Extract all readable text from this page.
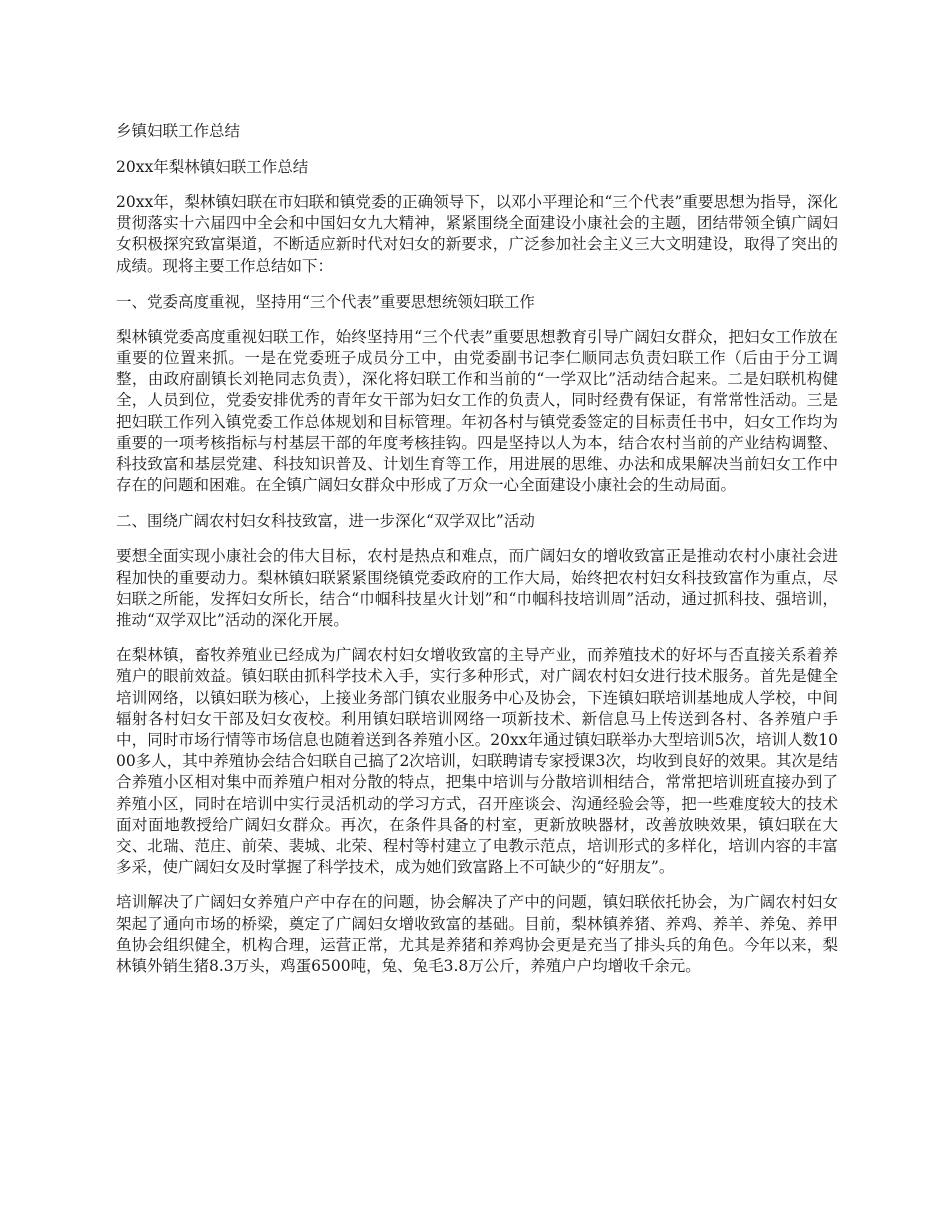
乡镇妇联工作总结
20xx年梨林镇妇联工作总结

20xx年，梨林镇妇联在市妇联和镇党委的正确领导下，以邓小平理论和“三个代表”重要思想为指导，深化贯彻落实十六届四中全会和中国妇女九大精神，紧紧围绕全面建设小康社会的主题，团结带领全镇广阔妇女积极探究致富渠道，不断适应新时代对妇女的新要求，广泛参加社会主义三大文明建设，取得了突出的成绩。现将主要工作总结如下：

一、党委高度重视，坚持用“三个代表”重要思想统领妇联工作

梨林镇党委高度重视妇联工作，始终坚持用“三个代表”重要思想教育引导广阔妇女群众，把妇女工作放在重要的位置来抓。一是在党委班子成员分工中，由党委副书记李仁顺同志负责妇联工作（后由于分工调整，由政府副镇长刘艳同志负责），深化将妇联工作和当前的“一学双比”活动结合起来。二是妇联机构健全，人员到位，党委安排优秀的青年女干部为妇女工作的负责人，同时经费有保证，有常常性活动。三是把妇联工作列入镇党委工作总体规划和目标管理。年初各村与镇党委签定的目标责任书中，妇女工作均为重要的一项考核指标与村基层干部的年度考核挂钩。四是坚持以人为本，结合农村当前的产业结构调整、科技致富和基层党建、科技知识普及、计划生育等工作，用进展的思维、办法和成果解决当前妇女工作中存在的问题和困难。在全镇广阔妇女群众中形成了万众一心全面建设小康社会的生动局面。

二、围绕广阔农村妇女科技致富，进一步深化“双学双比”活动

要想全面实现小康社会的伟大目标，农村是热点和难点，而广阔妇女的增收致富正是推动农村小康社会进程加快的重要动力。梨林镇妇联紧紧围绕镇党委政府的工作大局，始终把农村妇女科技致富作为重点，尽妇联之所能，发挥妇女所长，结合“巾帼科技星火计划”和“巾帼科技培训周”活动，通过抓科技、强培训，推动“双学双比”活动的深化开展。

在梨林镇，畜牧养殖业已经成为广阔农村妇女增收致富的主导产业，而养殖技术的好坏与否直接关系着养殖户的眼前效益。镇妇联由抓科学技术入手，实行多种形式，对广阔农村妇女进行技术服务。首先是健全培训网络，以镇妇联为核心，上接业务部门镇农业服务中心及协会，下连镇妇联培训基地成人学校，中间辐射各村妇女干部及妇女夜校。利用镇妇联培训网络一项新技术、新信息马上传送到各村、各养殖户手中，同时市场行情等市场信息也随着送到各养殖小区。20xx年通过镇妇联举办大型培训5次，培训人数1000多人，其中养殖协会结合妇联自己搞了2次培训，妇联聘请专家授课3次，均收到良好的效果。其次是结合养殖小区相对集中而养殖户相对分散的特点，把集中培训与分散培训相结合，常常把培训班直接办到了养殖小区，同时在培训中实行灵活机动的学习方式，召开座谈会、沟通经验会等，把一些难度较大的技术面对面地教授给广阔妇女群众。再次，在条件具备的村室，更新放映器材，改善放映效果，镇妇联在大交、北瑞、范庄、前荣、裴城、北荣、程村等村建立了电教示范点，培训形式的多样化，培训内容的丰富多采，使广阔妇女及时掌握了科学技术，成为她们致富路上不可缺少的“好朋友”。

培训解决了广阔妇女养殖户产中存在的问题，协会解决了产中的问题，镇妇联依托协会，为广阔农村妇女架起了通向市场的桥梁，奠定了广阔妇女增收致富的基础。目前，梨林镇养猪、养鸡、养羊、养兔、养甲鱼协会组织健全，机构合理，运营正常，尤其是养猪和养鸡协会更是充当了排头兵的角色。今年以来，梨林镇外销生猪8.3万头，鸡蛋6500吨，兔、兔毛3.8万公斤，养殖户户均增收千余元。
